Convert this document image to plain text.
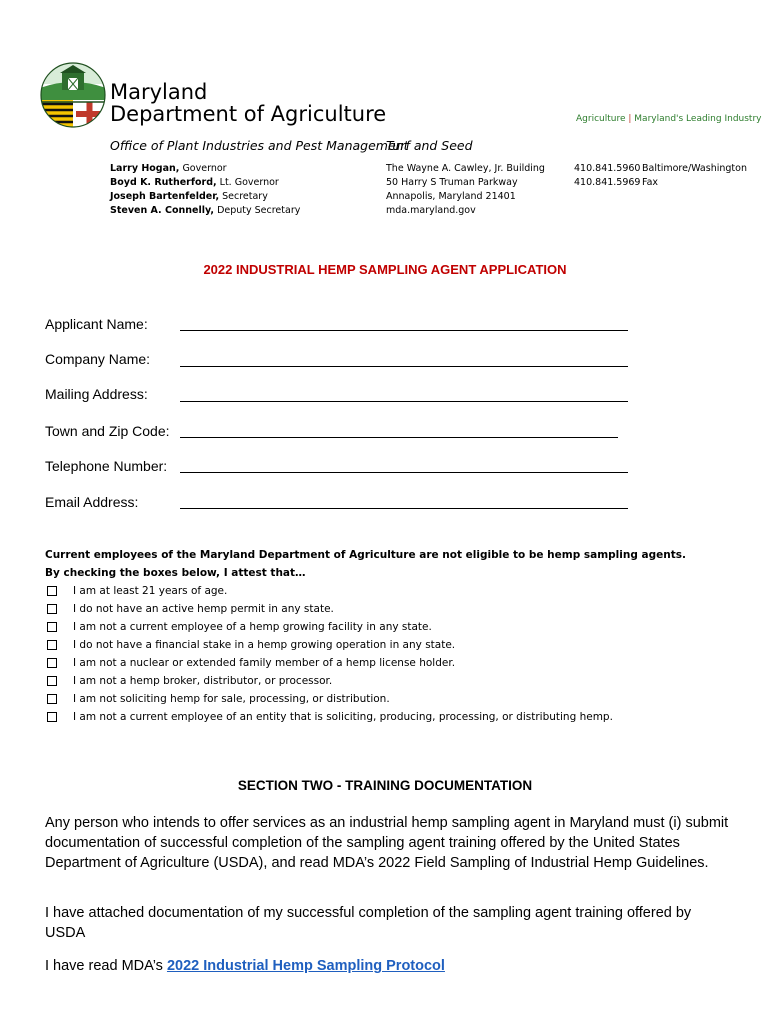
Maryland
Department of Agriculture	Agriculture | Maryland's Leading Industry
Office of Plant Industries and Pest Management
Turf and Seed
Larry Hogan, Governor
Boyd K. Rutherford, Lt. Governor
Joseph Bartenfelder, Secretary
Steven A. Connelly, Deputy Secretary
The Wayne A. Cawley, Jr. Building
50 Harry S Truman Parkway
Annapolis, Maryland 21401
mda.maryland.gov
410.841.5960 Baltimore/Washington
410.841.5969 Fax
2022 INDUSTRIAL HEMP SAMPLING AGENT APPLICATION
Applicant Name:
Company Name:
Mailing Address:
Town and Zip Code:
Telephone Number:
Email Address:
Current employees of the Maryland Department of Agriculture are not eligible to be hemp sampling agents.
By checking the boxes below, I attest that…
I am at least 21 years of age.
I do not have an active hemp permit in any state.
I am not a current employee of a hemp growing facility in any state.
I do not have a financial stake in a hemp growing operation in any state.
I am not a nuclear or extended family member of a hemp license holder.
I am not a hemp broker, distributor, or processor.
I am not soliciting hemp for sale, processing, or distribution.
I am not a current employee of an entity that is soliciting, producing, processing, or distributing hemp.
SECTION TWO - TRAINING DOCUMENTATION
Any person who intends to offer services as an industrial hemp sampling agent in Maryland must (i) submit documentation of successful completion of the sampling agent training offered by the United States Department of Agriculture (USDA), and read MDA’s 2022 Field Sampling of Industrial Hemp Guidelines.
I have attached documentation of my successful completion of the sampling agent training offered by USDA
I have read MDA’s 2022 Industrial Hemp Sampling Protocol
